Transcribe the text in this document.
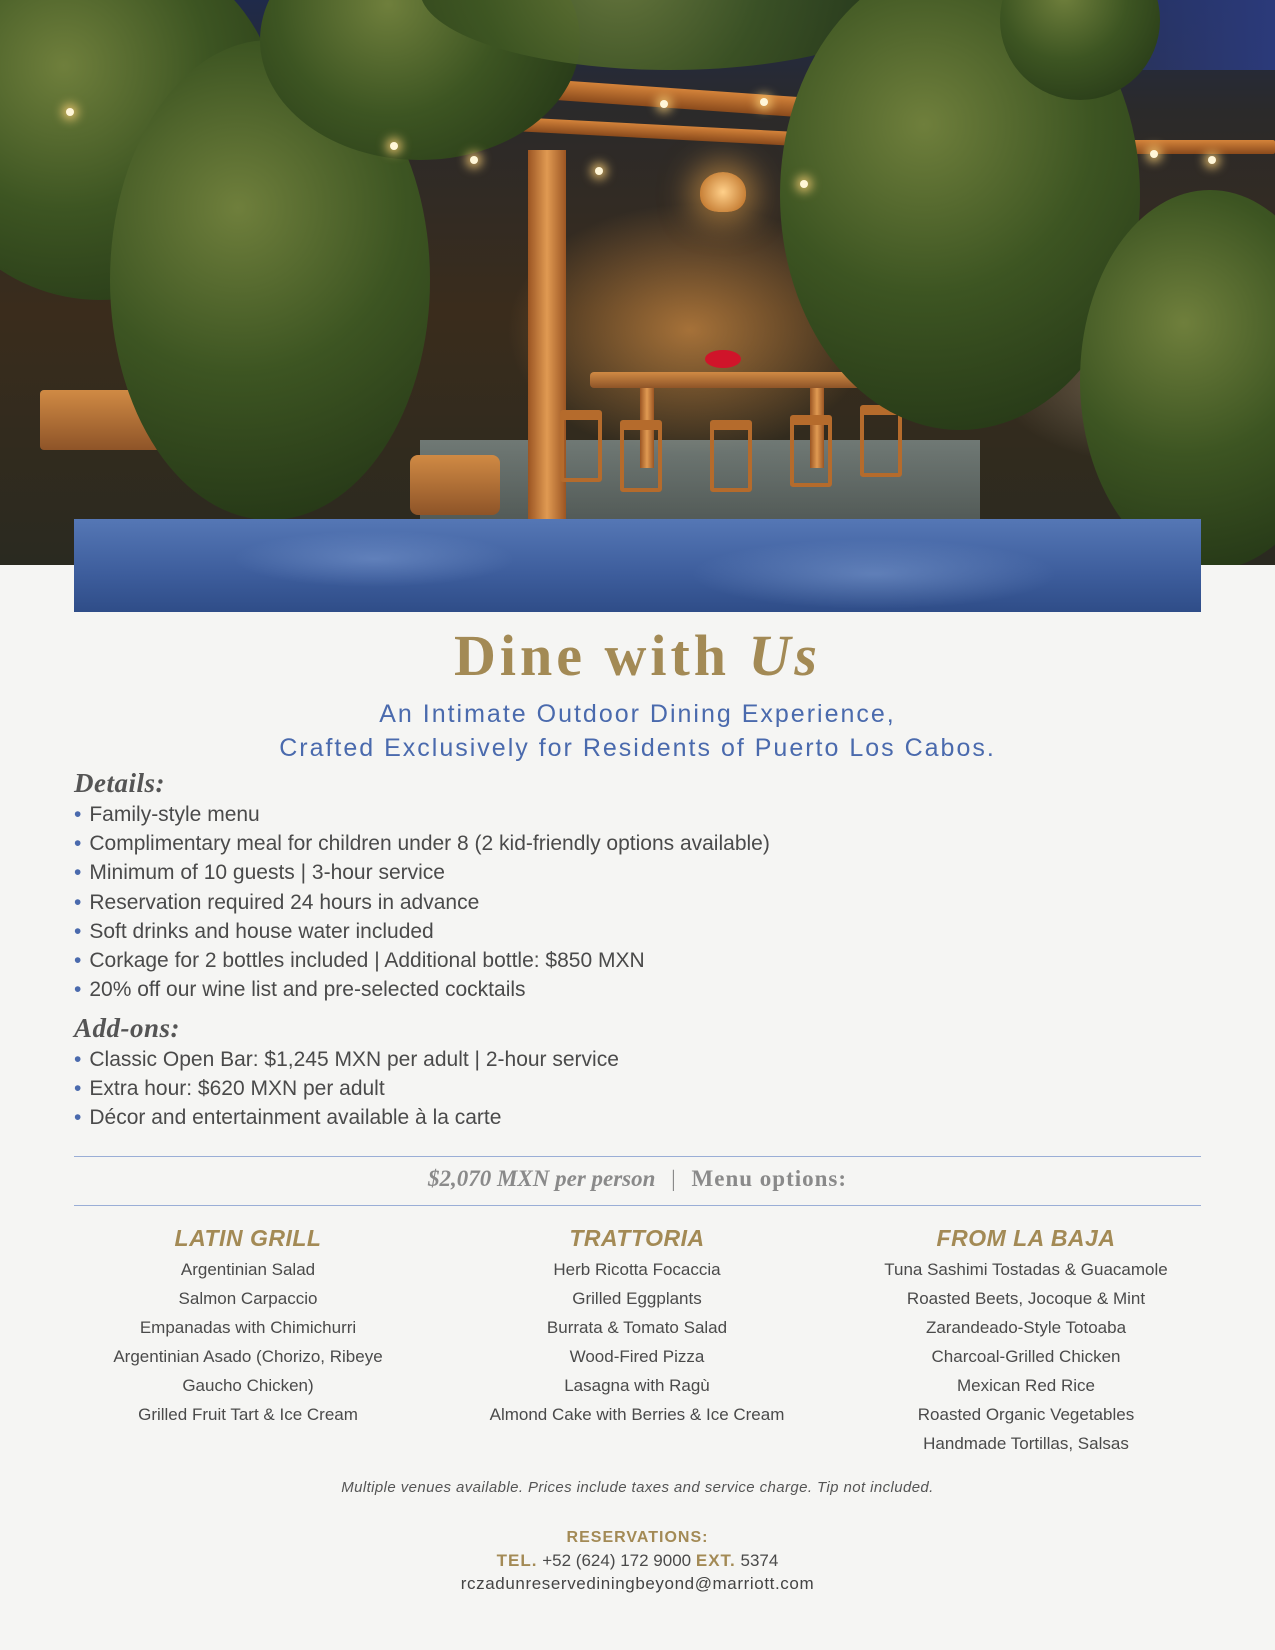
Dine with Us
An Intimate Outdoor Dining Experience,
Crafted Exclusively for Residents of Puerto Los Cabos.
Details:
• Family-style menu
• Complimentary meal for children under 8 (2 kid-friendly options available)
• Minimum of 10 guests | 3-hour service
• Reservation required 24 hours in advance
• Soft drinks and house water included
• Corkage for 2 bottles included | Additional bottle: $850 MXN
• 20% off our wine list and pre-selected cocktails
Add-ons:
• Classic Open Bar: $1,245 MXN per adult | 2-hour service
• Extra hour: $620 MXN per adult
• Décor and entertainment available à la carte
$2,070 MXN per person | Menu options:
LATIN GRILL
Argentinian Salad
Salmon Carpaccio
Empanadas with Chimichurri
Argentinian Asado (Chorizo, Ribeye
Gaucho Chicken)
Grilled Fruit Tart & Ice Cream
TRATTORIA
Herb Ricotta Focaccia
Grilled Eggplants
Burrata & Tomato Salad
Wood-Fired Pizza
Lasagna with Ragù
Almond Cake with Berries & Ice Cream
FROM LA BAJA
Tuna Sashimi Tostadas & Guacamole
Roasted Beets, Jocoque & Mint
Zarandeado-Style Totoaba
Charcoal-Grilled Chicken
Mexican Red Rice
Roasted Organic Vegetables
Handmade Tortillas, Salsas
Multiple venues available. Prices include taxes and service charge. Tip not included.
RESERVATIONS:
TEL. +52 (624) 172 9000 EXT. 5374
rczadunreservediningbeyond@marriott.com
